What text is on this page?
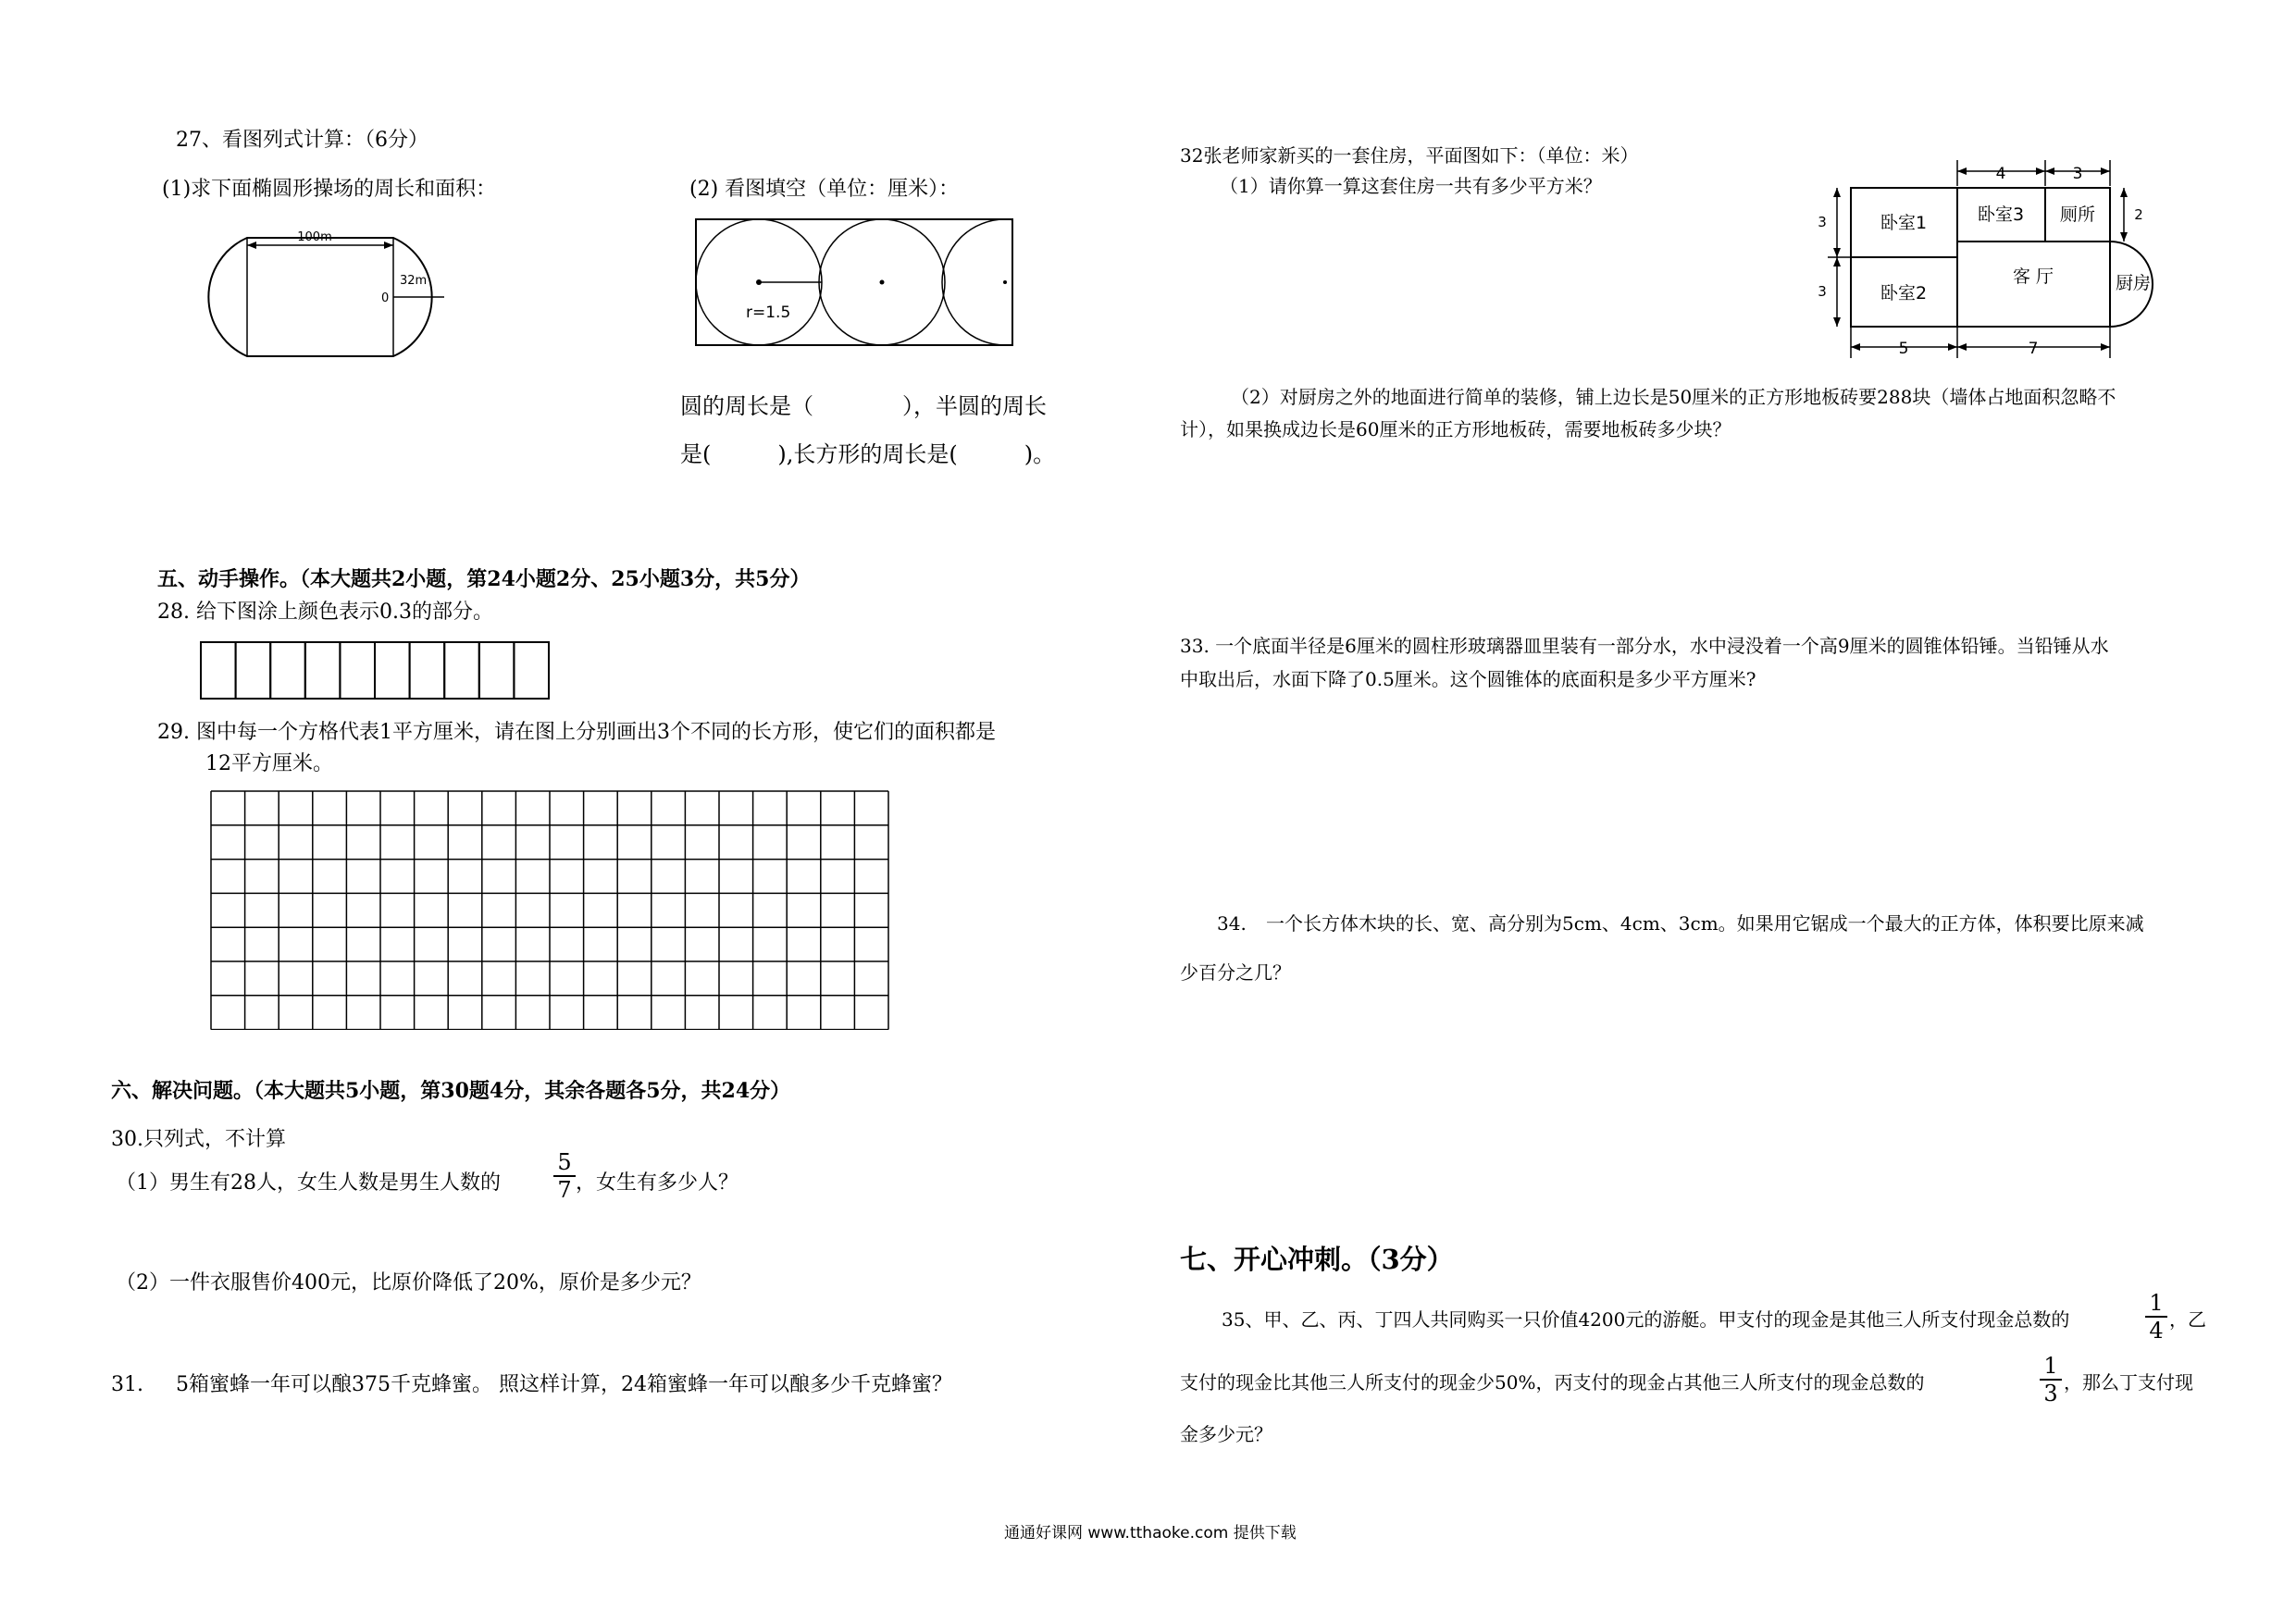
27、看图列式计算：（6分）
(1)求下面椭圆形操场的周长和面积：	(2) 看图填空（单位：厘米）：
100m
32m
0
r=1.5
圆的周长是（　　　　），半圆的周长
是(　　　),长方形的周长是(　　　)。
五、动手操作。（本大题共2小题，第24小题2分、25小题3分，共5分）
28. 给下图涂上颜色表示0.3的部分。
29. 图中每一个方格代表1平方厘米，请在图上分别画出3个不同的长方形，使它们的面积都是
12平方厘米。
六、解决问题。（本大题共5小题，第30题4分，其余各题各5分，共24分）
30.只列式，不计算
（1）男生有28人，女生人数是男生人数的
5
7 ，女生有多少人？
（2）一件衣服售价400元，比原价降低了20%，原价是多少元？
31. 5箱蜜蜂一年可以酿375千克蜂蜜。 照这样计算，24箱蜜蜂一年可以酿多少千克蜂蜜？
32张老师家新买的一套住房，平面图如下：（单位：米）
（1）请你算一算这套住房一共有多少平方米？
4	3
卧室1
卧室2
卧室3 厕所
客 厅	厨房
3
3
2
5	7
（2）对厨房之外的地面进行简单的装修，铺上边长是50厘米的正方形地板砖要288块（墙体占地面积忽略不
计），如果换成边长是60厘米的正方形地板砖，需要地板砖多少块？
33. 一个底面半径是6厘米的圆柱形玻璃器皿里装有一部分水，水中浸没着一个高9厘米的圆锥体铅锤。当铅锤从水
中取出后，水面下降了0.5厘米。这个圆锥体的底面积是多少平方厘米?
34. 一个长方体木块的长、宽、高分别为5cm、4cm、3cm。如果用它锯成一个最大的正方体，体积要比原来减
少百分之几？
七、开心冲刺。（3分）
35、甲、乙、丙、丁四人共同购买一只价值4200元的游艇。甲支付的现金是其他三人所支付现金总数的
1
4 ，乙
支付的现金比其他三人所支付的现金少50%，丙支付的现金占其他三人所支付的现金总数的
1
3 ，那么丁支付现
金多少元？
通通好课网 www.tthaoke.com 提供下载
